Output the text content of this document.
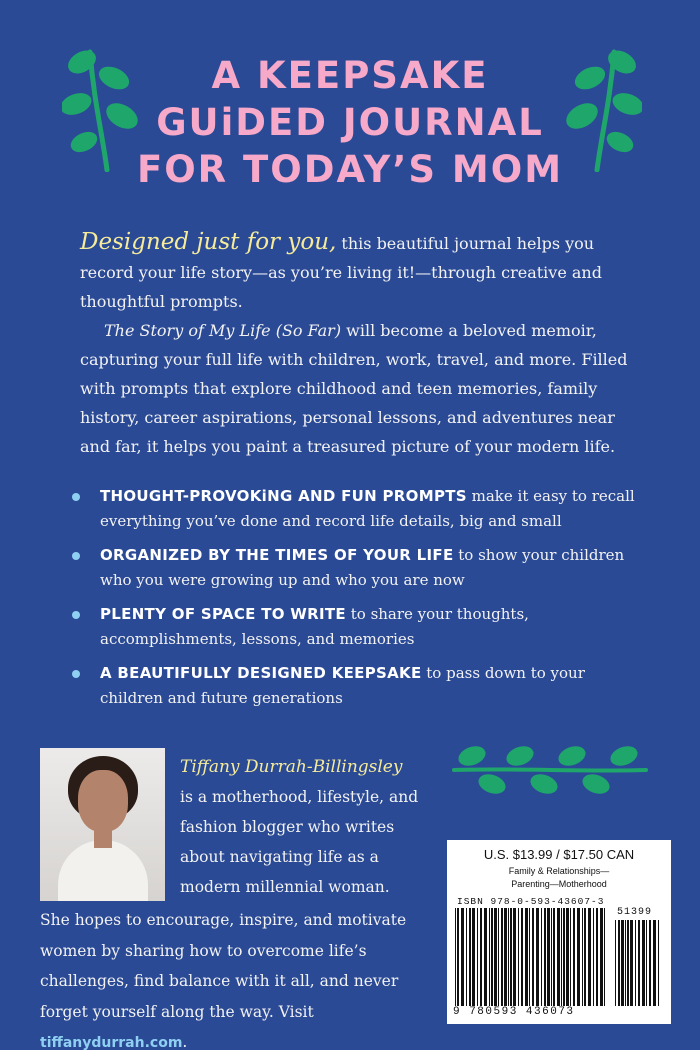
A KEEPSAKE
GUiDED JOURNAL
FOR TODAY’S MOM

Designed just for you, this beautiful journal helps you record your life story—as you’re living it!—through creative and thoughtful prompts.

The Story of My Life (So Far) will become a beloved memoir, capturing your full life with children, work, travel, and more. Filled with prompts that explore childhood and teen memories, family history, career aspirations, personal lessons, and adventures near and far, it helps you paint a treasured picture of your modern life.

THOUGHT-PROVOKiNG AND FUN PROMPTS make it easy to recall everything you’ve done and record life details, big and small
ORGANIZED BY THE TIMES OF YOUR LIFE to show your children who you were growing up and who you are now
PLENTY OF SPACE TO WRITE to share your thoughts, accomplishments, lessons, and memories
A BEAUTIFULLY DESIGNED KEEPSAKE to pass down to your children and future generations
Tiffany Durrah-Billingsley
is a motherhood, lifestyle, and fashion blogger who writes about navigating life as a modern millennial woman.
She hopes to encourage, inspire, and motivate women by sharing how to overcome life’s challenges, find balance with it all, and never forget yourself along the way. Visit tiffanydurrah.com.
U.S. $13.99 / $17.50 CAN
Family & Relationships—
Parenting—Motherhood
ISBN 978-0-593-43607-3
51399
9 780593 436073
